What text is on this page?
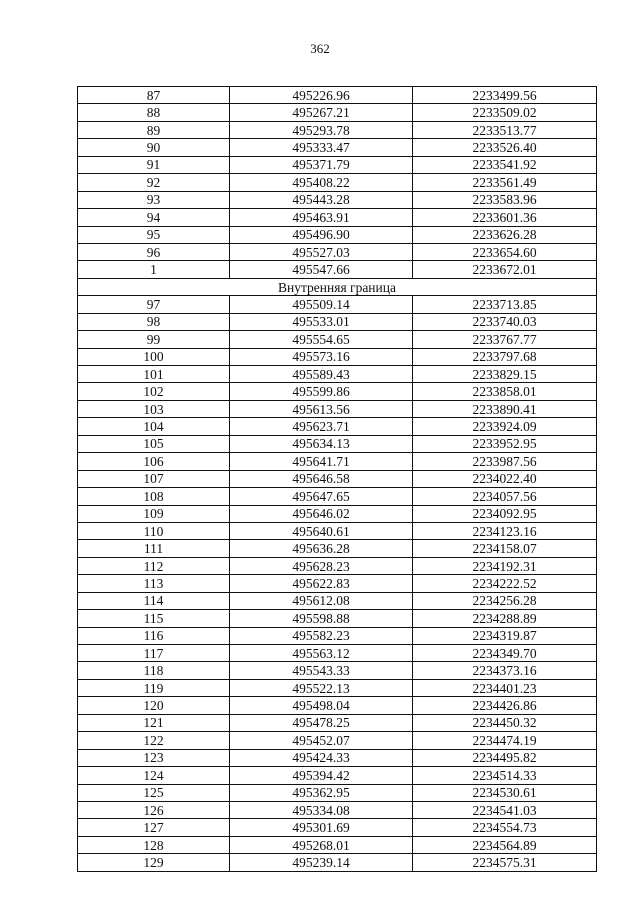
362
87	495226.96	2233499.56
88	495267.21	2233509.02
89	495293.78	2233513.77
90	495333.47	2233526.40
91	495371.79	2233541.92
92	495408.22	2233561.49
93	495443.28	2233583.96
94	495463.91	2233601.36
95	495496.90	2233626.28
96	495527.03	2233654.60
1	495547.66	2233672.01
Внутренняя граница		
97	495509.14	2233713.85
98	495533.01	2233740.03
99	495554.65	2233767.77
100	495573.16	2233797.68
101	495589.43	2233829.15
102	495599.86	2233858.01
103	495613.56	2233890.41
104	495623.71	2233924.09
105	495634.13	2233952.95
106	495641.71	2233987.56
107	495646.58	2234022.40
108	495647.65	2234057.56
109	495646.02	2234092.95
110	495640.61	2234123.16
111	495636.28	2234158.07
112	495628.23	2234192.31
113	495622.83	2234222.52
114	495612.08	2234256.28
115	495598.88	2234288.89
116	495582.23	2234319.87
117	495563.12	2234349.70
118	495543.33	2234373.16
119	495522.13	2234401.23
120	495498.04	2234426.86
121	495478.25	2234450.32
122	495452.07	2234474.19
123	495424.33	2234495.82
124	495394.42	2234514.33
125	495362.95	2234530.61
126	495334.08	2234541.03
127	495301.69	2234554.73
128	495268.01	2234564.89
129	495239.14	2234575.31
